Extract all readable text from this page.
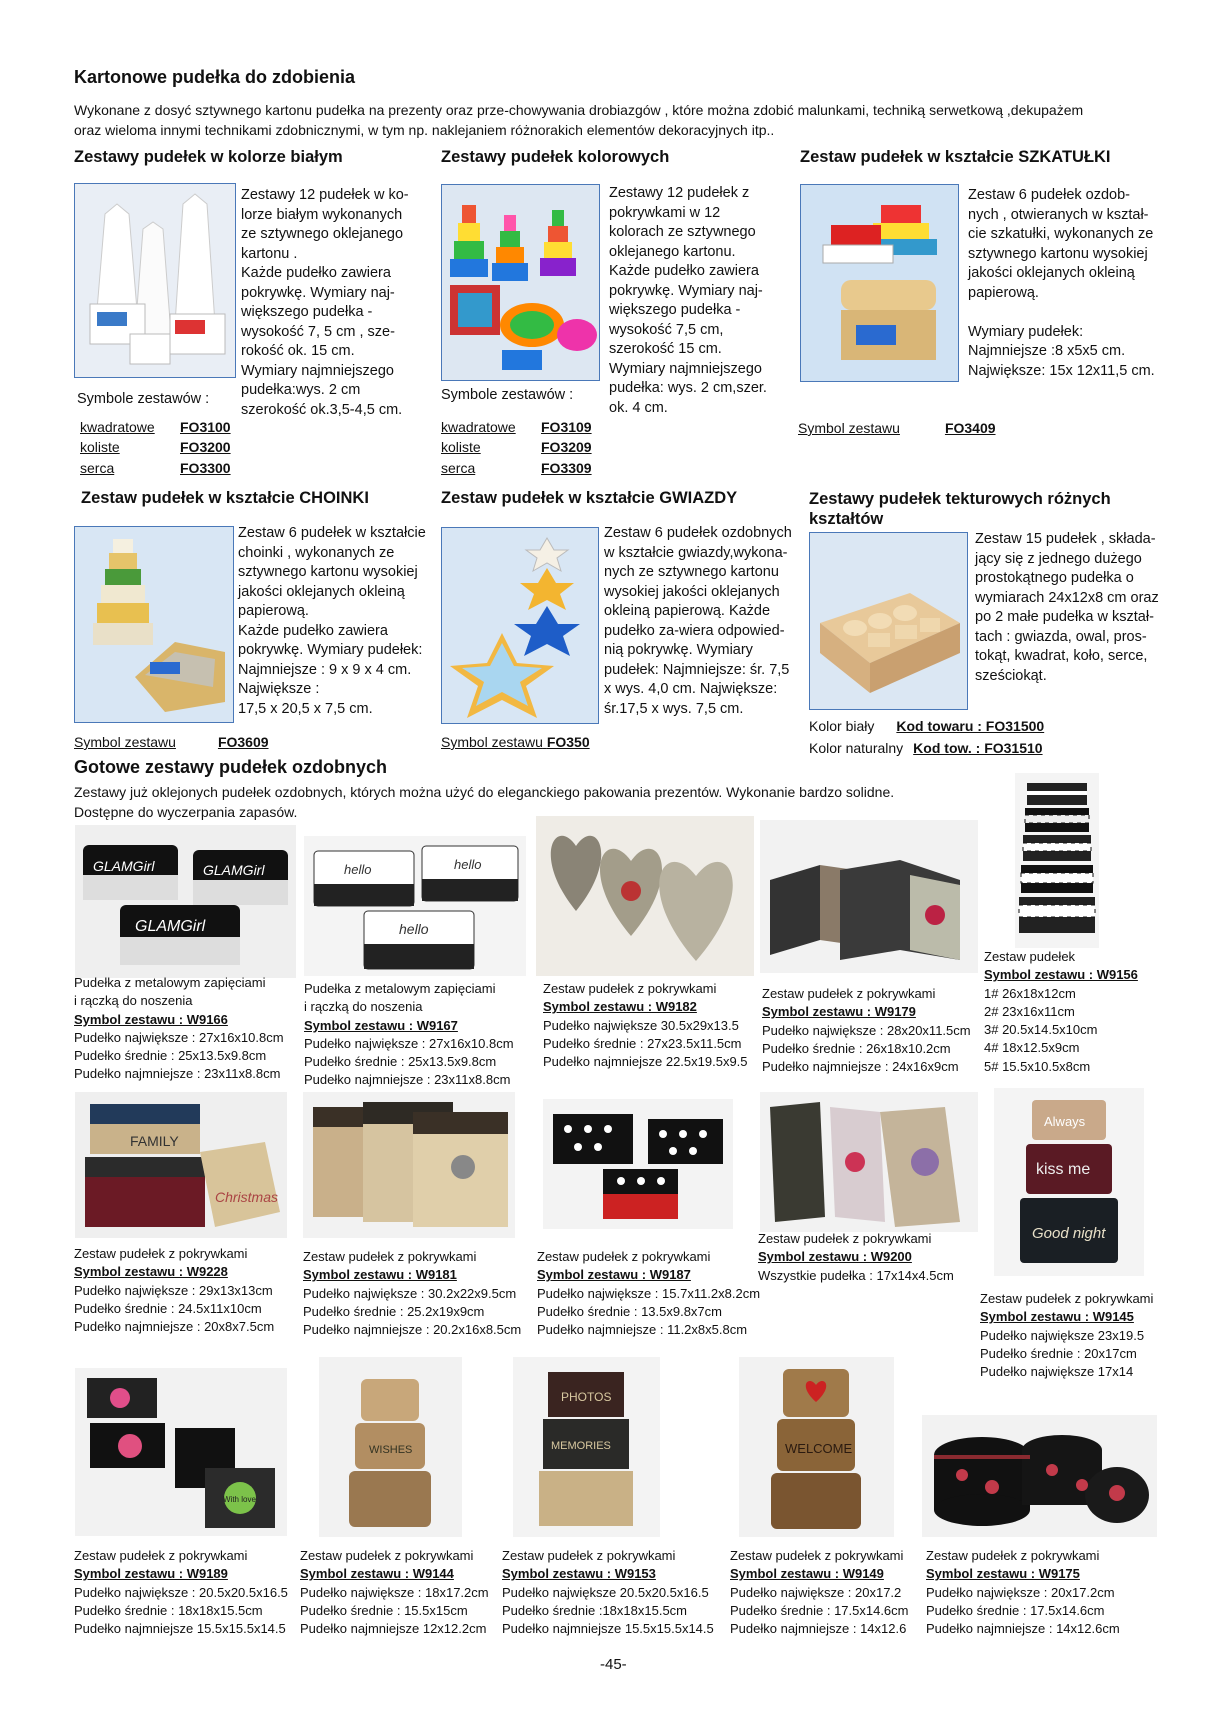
Kartonowe pudełka do zdobienia
Wykonane z dosyć sztywnego kartonu pudełka na prezenty oraz prze-chowywania drobiazgów , które można zdobić malunkami, techniką serwetkową ,dekupażem
oraz wieloma innymi technikami zdobnicznymi, w tym np. naklejaniem różnorakich elementów dekoracyjnych itp..
Zestawy pudełek w kolorze białym
Zestawy 12 pudełek w ko-
lorze białym wykonanych
ze sztywnego oklejanego
kartonu .
Każde pudełko zawiera
pokrywkę. Wymiary naj-
większego pudełka -
wysokość 7, 5 cm , sze-
rokość ok. 15 cm.
Wymiary najmniejszego
pudełka:wys. 2 cm
szerokość ok.3,5-4,5 cm.
Symbole zestawów :
kwadratowe	FO3100
koliste	FO3200
serca	FO3300
Zestawy pudełek kolorowych
Zestawy 12 pudełek z
pokrywkami w 12
kolorach ze sztywnego
oklejanego kartonu.
Każde pudełko zawiera
pokrywkę. Wymiary naj-
większego pudełka -
wysokość 7,5 cm,
szerokość 15 cm.
Wymiary najmniejszego
pudełka: wys. 2 cm,szer.
ok. 4 cm.
Symbole zestawów :
kwadratowe	FO3109
koliste	FO3209
serca	FO3309
Zestaw pudełek w kształcie SZKATUŁKI
Zestaw 6 pudełek ozdob-
nych , otwieranych w kształ-
cie szkatułki, wykonanych ze
sztywnego kartonu wysokiej
jakości oklejanych okleiną
papierową.
Wymiary pudełek:
Najmniejsze :8 x5x5 cm.
Największe: 15x 12x11,5 cm.
Symbol zestawu	FO3409
Zestaw pudełek w kształcie CHOINKI
Zestaw 6 pudełek w kształcie
choinki , wykonanych ze
sztywnego kartonu wysokiej
jakości oklejanych okleiną
papierową.
Każde pudełko zawiera
pokrywkę. Wymiary pudełek:
Najmniejsze : 9 x 9 x 4 cm.
Największe :
17,5 x 20,5 x 7,5 cm.
Symbol zestawu	FO3609
Zestaw pudełek w kształcie GWIAZDY
Zestaw 6 pudełek ozdobnych
w kształcie gwiazdy,wykona-
nych ze sztywnego kartonu
wysokiej jakości oklejanych
okleiną papierową. Każde
pudełko za-wiera odpowied-
nią pokrywkę. Wymiary
pudełek: Najmniejsze: śr. 7,5
x wys. 4,0 cm. Największe:
śr.17,5 x wys. 7,5 cm.
Symbol zestawu FO350
Zestawy pudełek tekturowych różnych
kształtów
Zestaw 15 pudełek , składa-
jący się z jednego dużego
prostokątnego pudełka o
wymiarach 24x12x8 cm oraz
po 2 małe pudełka w kształ-
tach : gwiazda, owal, pros-
tokąt, kwadrat, koło, serce,
sześciokąt.
Kolor biały Kod towaru : FO31500
Kolor naturalny Kod tow. : FO31510
Gotowe zestawy pudełek ozdobnych
Zestawy już oklejonych pudełek ozdobnych, których można użyć do eleganckiego pakowania prezentów. Wykonanie bardzo solidne.
Dostępne do wyczerpania zapasów.
GLAMGirl	GLAMGirl
GLAMGirl
hello	hello
hello
Pudełka z metalowym zapięciami
i rączką do noszenia
Symbol zestawu : W9166
Pudełko największe : 27x16x10.8cm
Pudełko średnie : 25x13.5x9.8cm
Pudełko najmniejsze : 23x11x8.8cm
Pudełka z metalowym zapięciami
i rączką do noszenia
Symbol zestawu : W9167
Pudełko największe : 27x16x10.8cm
Pudełko średnie : 25x13.5x9.8cm
Pudełko najmniejsze : 23x11x8.8cm
Zestaw pudełek z pokrywkami
Symbol zestawu : W9182
Pudełko największe 30.5x29x13.5
Pudełko średnie : 27x23.5x11.5cm
Pudełko najmniejsze 22.5x19.5x9.5
Zestaw pudełek z pokrywkami
Symbol zestawu : W9179
Pudełko największe : 28x20x11.5cm
Pudełko średnie : 26x18x10.2cm
Pudełko najmniejsze : 24x16x9cm
Zestaw pudełek
Symbol zestawu : W9156
1# 26x18x12cm
2# 23x16x11cm
3# 20.5x14.5x10cm
4# 18x12.5x9cm
5# 15.5x10.5x8cm
FAMILY
Christmas
Always
kiss me
Good night
Zestaw pudełek z pokrywkami
Symbol zestawu : W9228
Pudełko największe : 29x13x13cm
Pudełko średnie : 24.5x11x10cm
Pudełko najmniejsze : 20x8x7.5cm
Zestaw pudełek z pokrywkami
Symbol zestawu : W9181
Pudełko największe : 30.2x22x9.5cm
Pudełko średnie : 25.2x19x9cm
Pudełko najmniejsze : 20.2x16x8.5cm
Zestaw pudełek z pokrywkami
Symbol zestawu : W9187
Pudełko największe : 15.7x11.2x8.2cm
Pudełko średnie : 13.5x9.8x7cm
Pudełko najmniejsze : 11.2x8x5.8cm
Zestaw pudełek z pokrywkami
Symbol zestawu : W9200
Wszystkie pudełka : 17x14x4.5cm
Zestaw pudełek z pokrywkami
Symbol zestawu : W9145
Pudełko największe 23x19.5
Pudełko średnie : 20x17cm
Pudełko największe 17x14
With love
WISHES
PHOTOS
MEMORIES	WELCOME
Zestaw pudełek z pokrywkami
Symbol zestawu : W9189
Pudełko największe : 20.5x20.5x16.5
Pudełko średnie : 18x18x15.5cm
Pudełko najmniejsze 15.5x15.5x14.5
Zestaw pudełek z pokrywkami
Symbol zestawu : W9144
Pudełko największe : 18x17.2cm
Pudełko średnie : 15.5x15cm
Pudełko najmniejsze 12x12.2cm
Zestaw pudełek z pokrywkami
Symbol zestawu : W9153
Pudełko największe 20.5x20.5x16.5
Pudełko średnie :18x18x15.5cm
Pudełko najmniejsze 15.5x15.5x14.5
Zestaw pudełek z pokrywkami
Symbol zestawu : W9149
Pudełko największe : 20x17.2
Pudełko średnie : 17.5x14.6cm
Pudełko najmniejsze : 14x12.6
Zestaw pudełek z pokrywkami
Symbol zestawu : W9175
Pudełko największe : 20x17.2cm
Pudełko średnie : 17.5x14.6cm
Pudełko najmniejsze : 14x12.6cm
-45-
